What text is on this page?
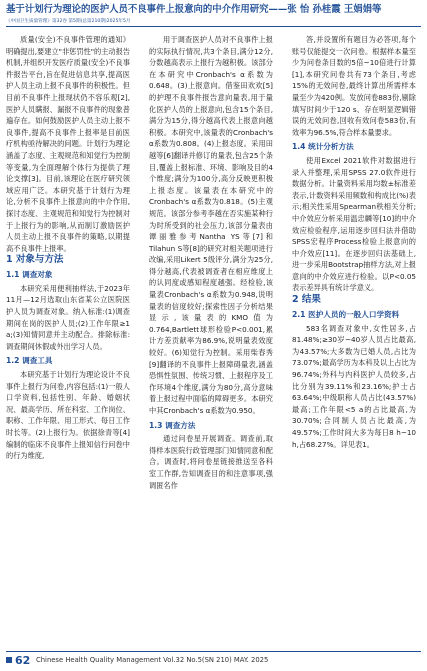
基于计划行为理论的医护人员不良事件上报意向的中介作用研究——张 怡 孙桂霞 王娟娟等
《中国卫生质量管理》第32卷 第5期(总第210期)2025年5月

质量(安全)不良事件管理的通知》明确提出,要建立"非惩罚性"的主动报告机制,并组织开发医疗质量(安全)不良事件报告平台,旨在促进信息共享,提高医护人员主动上报不良事件的积极性。但目前不良事件上报现状仍不容乐观[2],医护人员瞒报、漏报不良事件的现象普遍存在。如何鼓励医护人员主动上报不良事件,提高不良事件上报率是目前医疗机构亟待解决的问题。计划行为理论涵盖了态度、主观规范和知觉行为控制等变量,为全面理解个体行为提供了理论支撑[3]。目前,该理论在医疗研究领域应用广泛。本研究基于计划行为理论,分析不良事件上报意向的中介作用,探讨态度、主观规范和知觉行为控制对于上报行为的影响,从而制订激励医护人员主动上报不良事件的策略,以期提高不良事件上报率。

1 对象与方法

1.1 调查对象

本研究采用便利抽样法,于2023年11月—12月选取山东省某公立医院医护人员为调查对象。纳入标准:(1)调查期间在岗的医护人员;(2)工作年限≥1 a;(3)知情同意并主动配合。排除标准:调查期间休假或外出学习人员。

1.2 调查工具

本研究基于计划行为理论设计不良事件上报行为问卷,内容包括:(1)一般人口学资料,包括性别、年龄、婚姻状况、最高学历、所在科室、工作岗位、职称、工作年限、用工形式、每日工作时长等。(2)上报行为。依据徐青等[4]编制的临床不良事件上报知信行问卷中的行为维度,

用于调查医护人员对不良事件上报的实际执行情况,共3个条目,满分12分,分数越高表示上报行为越积极。该部分在本研究中Cronbach's α系数为0.648。(3)上报意向。借鉴田欢欢[5]的护理不良事件报告意向量表,用于量化医护人员的上报意向,包含15个条目,满分为15分,得分越高代表上报意向越积极。本研究中,该量表的Cronbach's α系数为0.808。(4)上报态度。采用田越等[6]翻译并修订的量表,包含25个条目,覆盖上报标准、环境、影响及目的4个维度;满分为100分,高分反映更积极上报态度。该量表在本研究中的Cronbach's α系数为0.818。(5)主观规范。该部分参考李越在否实施某种行为时所受到的社会压力,该部分量表由谭丽雅参考Nantha YS等[7]和Tilahun S等[8]的研究对相关题项进行改编,采用Likert 5级评分,满分为25分,得分越高,代表被调查者在相应维度上的认同度或感知程度越强。经检验,该量表Cronbach's α系数为0.948,说明量表的信度较好;探索性因子分析结果显示,该量表的KMO值为0.764,Bartlett球形检验P<0.001,累计方差贡献率为86.9%,说明量表效度较好。(6)知觉行为控制。采用柴春秀[9]翻译的不良事件上报障碍量表,涵盖恐惧性氛围、传统习惯、上报程序及工作环境4个维度,满分为80分,高分意味着上报过程中面临的障碍更多。本研究中其Cronbach's α系数为0.950。

1.3 调查方法

通过问卷星开展调查。调查前,取得样本医院行政管理部门知情同意和配合。调查时,将问卷星链接推送至各科室工作群,告知调查目的和注意事项,强调匿名作

答,并设置所有题目为必答项,每个账号仅能提交一次问卷。根据样本量至少为问卷条目数的5倍~10倍进行计算[1],本研究问卷共有73个条目,考虑15%的无效问卷,最终计算出所需样本量至少为420例。发放问卷883份,剔除填写时间少于120 s、存在明显逻辑错误的无效问卷,回收有效问卷583份,有效率为96.5%,符合样本量要求。

1.4 统计分析方法

使用Excel 2021软件对数据进行录入并整理,采用SPSS 27.0软件进行数据分析。计量资料采用均数±标准差表示,计数资料采用频数和构成比(%)表示;相关性采用Spearman秩相关分析;中介效应分析采用温忠麟等[10]的中介效应检验程序,运用逐步回归法并借助SPSS宏程序Process检验上报意向的中介效应[11]。在逐步回归法基础上,进一步采用Bootstrap抽样方法,对上报意向的中介效应进行检验。以P<0.05表示差异具有统计学意义。

2 结果

2.1 医护人员的一般人口学资料

583名调查对象中,女性居多,占81.48%;≥30岁~40岁人员占比最高,为43.57%;大多数为已婚人员,占比为73.07%;最高学历为本科及以上占比为96.74%;外科与内科医护人员较多,占比分别为39.11%和23.16%;护士占63.64%;中级职称人员占比(43.57%)最高;工作年限<5 a的占比最高,为30.70%;合同制人员占比最高,为49.57%;工作时间大多为每日8 h~10 h,占68.27%。详见表1。

62 Chinese Health Quality Management Vol.32 No.5(SN 210) MAY. 2025
